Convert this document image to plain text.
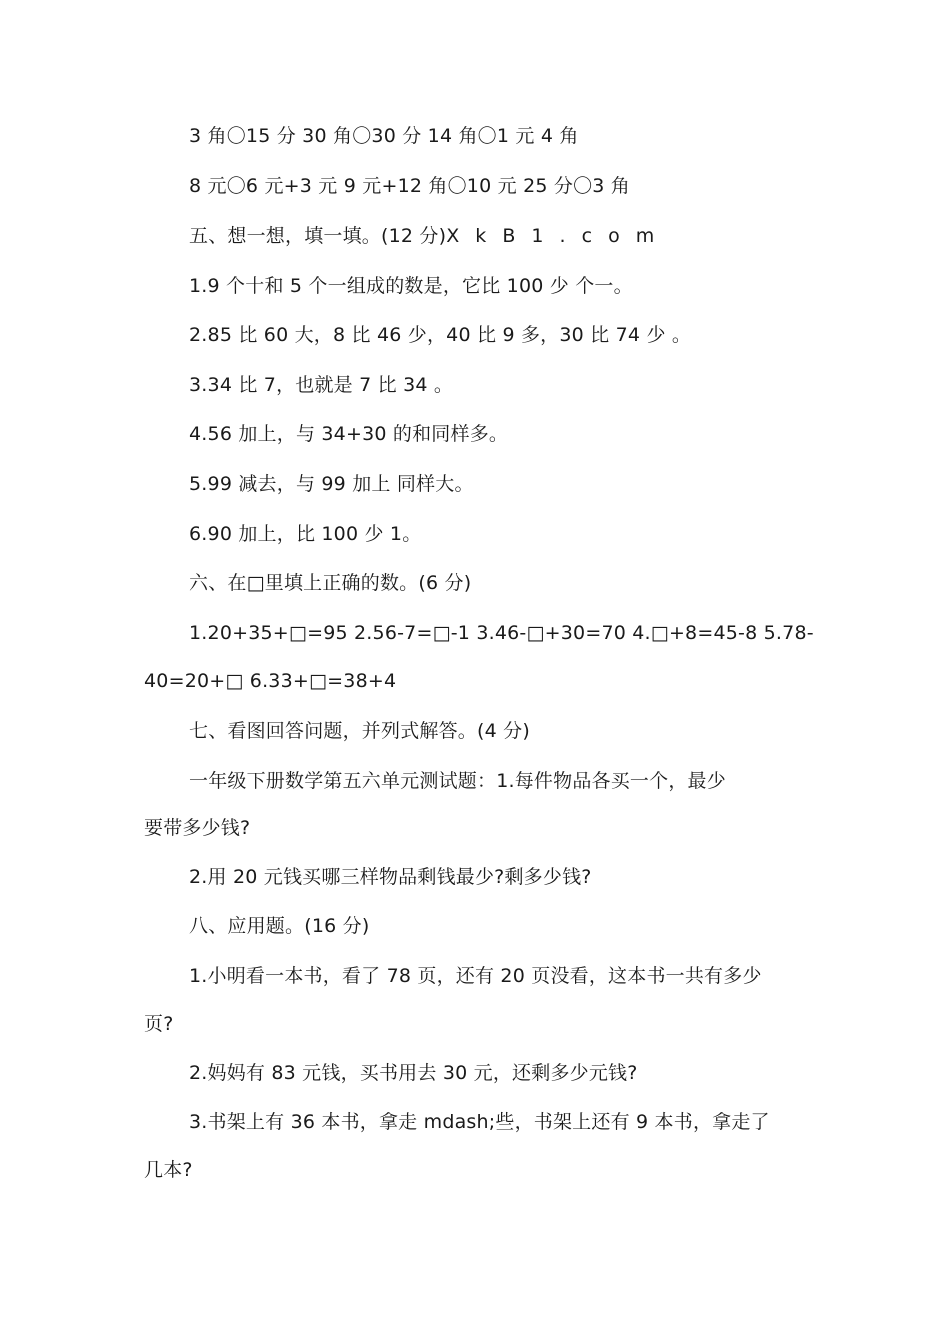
3 角〇15 分 30 角〇30 分 14 角〇1 元 4 角
8 元〇6 元+3 元 9 元+12 角〇10 元 25 分〇3 角
五、想一想，填一填。(12 分)X k B 1 . c o m
1.9 个十和 5 个一组成的数是，它比 100 少 个一。
2.85 比 60 大，8 比 46 少，40 比 9 多，30 比 74 少 。
3.34 比 7，也就是 7 比 34 。
4.56 加上，与 34+30 的和同样多。
5.99 减去，与 99 加上 同样大。
6.90 加上，比 100 少 1。
六、在□里填上正确的数。(6 分)
1.20+35+□=95 2.56-7=□-1 3.46-□+30=70 4.□+8=45-8 5.78-
40=20+□ 6.33+□=38+4
七、看图回答问题，并列式解答。(4 分)
一年级下册数学第五六单元测试题：1.每件物品各买一个，最少
要带多少钱?
2.用 20 元钱买哪三样物品剩钱最少?剩多少钱?
八、应用题。(16 分)
1.小明看一本书，看了 78 页，还有 20 页没看，这本书一共有多少
页?
2.妈妈有 83 元钱，买书用去 30 元，还剩多少元钱?
3.书架上有 36 本书，拿走 mdash;些，书架上还有 9 本书，拿走了
几本?
